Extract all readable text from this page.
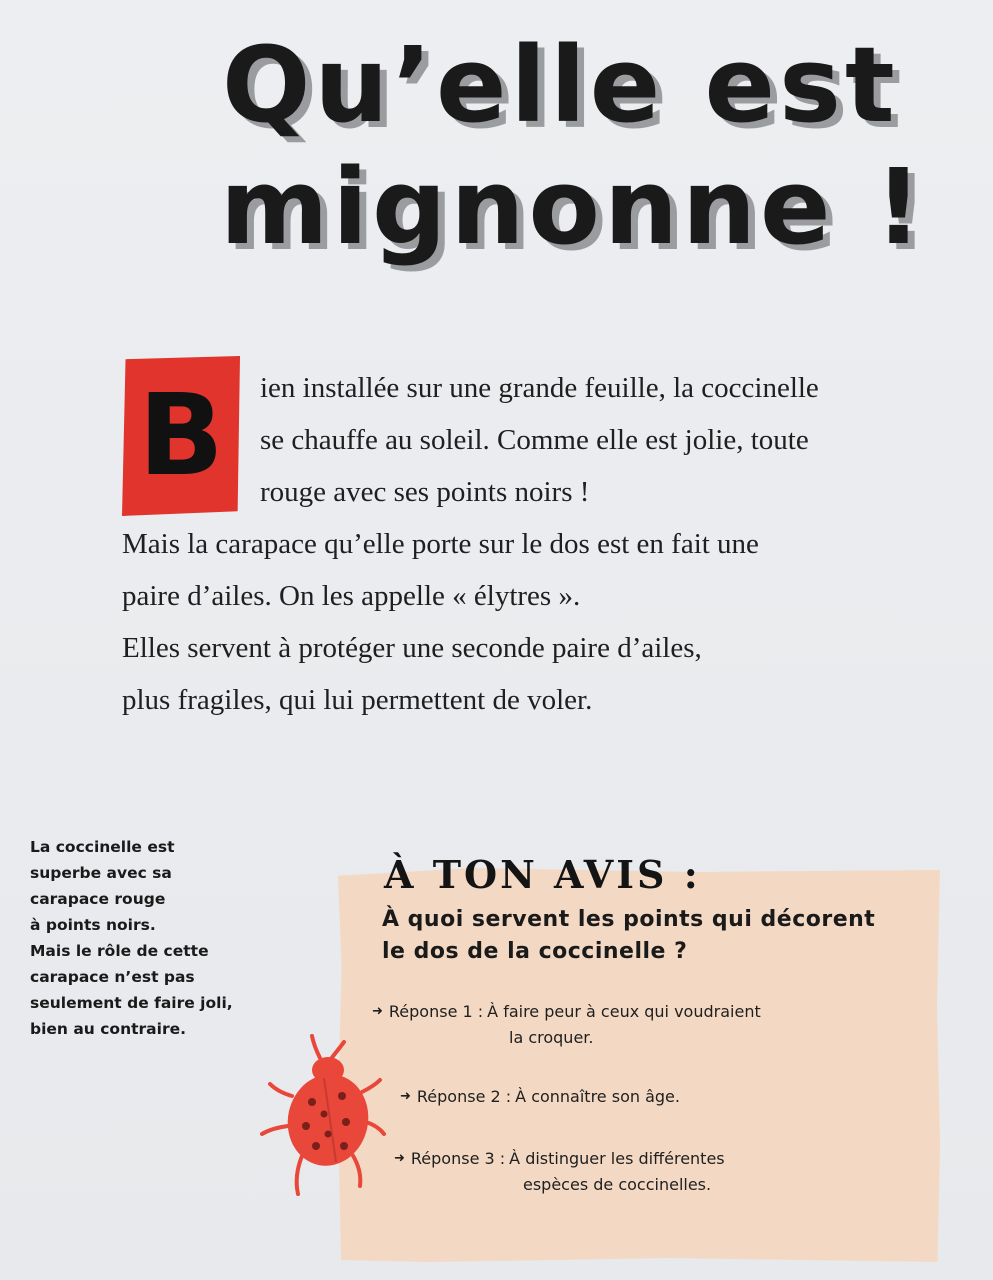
Qu’elle est
mignonne !
B	ien installée sur une grande feuille, la coccinelle
se chauffe au soleil. Comme elle est jolie, toute
rouge avec ses points noirs !
Mais la carapace qu’elle porte sur le dos est en fait une
paire d’ailes. On les appelle « élytres ».
Elles servent à protéger une seconde paire d’ailes,
plus fragiles, qui lui permettent de voler.
La coccinelle est
superbe avec sa
carapace rouge
à points noirs.
Mais le rôle de cette
carapace n’est pas
seulement de faire joli,
bien au contraire.
À TON AVIS :
À quoi servent les points qui décorent
le dos de la coccinelle ?
➜ Réponse 1 : À faire peur à ceux qui voudraient
la croquer.
➜ Réponse 2 : À connaître son âge.
➜ Réponse 3 : À distinguer les différentes
espèces de coccinelles.
